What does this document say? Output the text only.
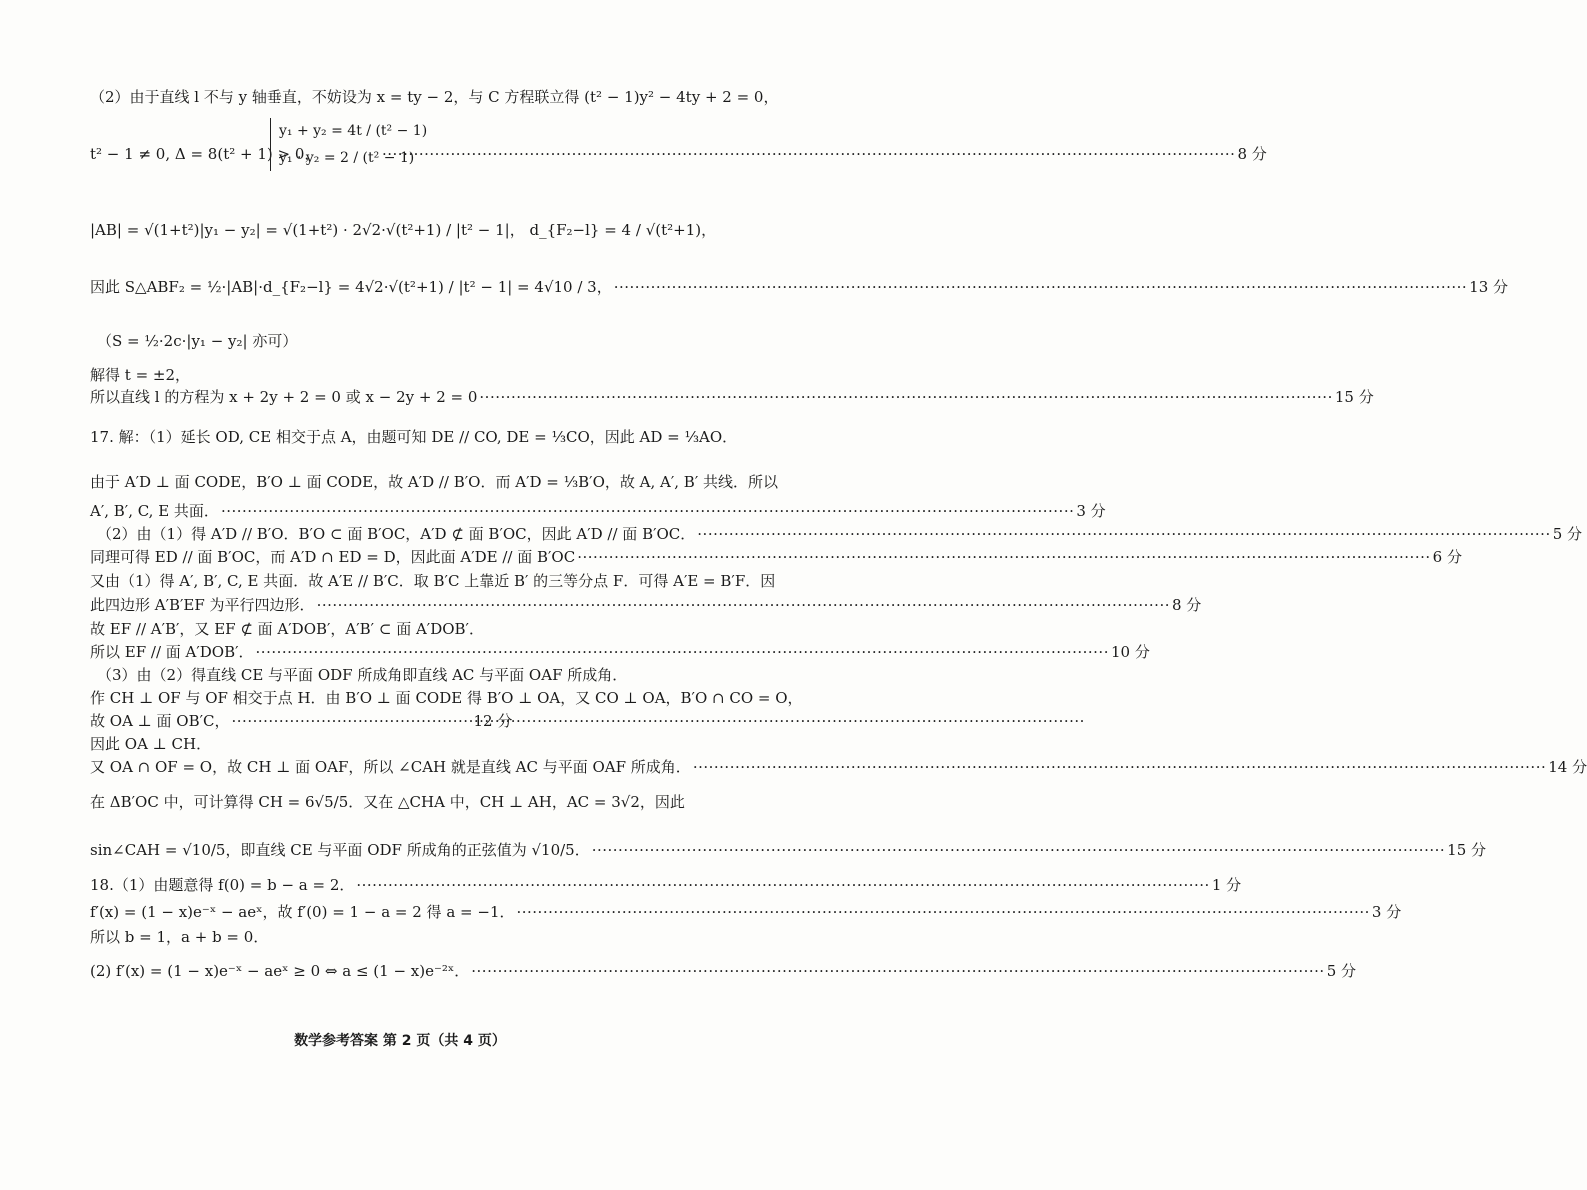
（2）由于直线 l 不与 y 轴垂直，不妨设为 x = ty − 2，与 C 方程联立得 (t² − 1)y² − 4ty + 2 = 0，
t² − 1 ≠ 0, Δ = 8(t² + 1) > 0，
y₁ + y₂ = 4t / (t² − 1)
y₁ · y₂ = 2 / (t² − 1) ·····	8 分
|AB| = √(1+t²)|y₁ − y₂| = √(1+t²) · 2√2·√(t²+1) / |t² − 1|， d_{F₂−l} = 4 / √(t²+1)，
因此 S△ABF₂ = ½·|AB|·d_{F₂−l} = 4√2·√(t²+1) / |t² − 1| = 4√10 / 3， ·····	13 分
（S = ½·2c·|y₁ − y₂| 亦可）
解得 t = ±2，
所以直线 l 的方程为 x + 2y + 2 = 0 或 x − 2y + 2 = 0 ·····	15 分
17. 解：（1）延长 OD, CE 相交于点 A，由题可知 DE // CO, DE = ⅓CO，因此 AD = ⅓AO．
由于 A′D ⊥ 面 CODE，B′O ⊥ 面 CODE，故 A′D // B′O．而 A′D = ⅓B′O，故 A, A′, B′ 共线．所以
A′, B′, C, E 共面． ·····	3 分
（2）由（1）得 A′D // B′O．B′O ⊂ 面 B′OC，A′D ⊄ 面 B′OC，因此 A′D // 面 B′OC． ·····	5 分
同理可得 ED // 面 B′OC，而 A′D ∩ ED = D，因此面 A′DE // 面 B′OC ·····	6 分
又由（1）得 A′, B′, C, E 共面．故 A′E // B′C．取 B′C 上靠近 B′ 的三等分点 F．可得 A′E = B′F．因
此四边形 A′B′EF 为平行四边形． ·····	8 分
故 EF // A′B′，又 EF ⊄ 面 A′DOB′，A′B′ ⊂ 面 A′DOB′．
所以 EF // 面 A′DOB′． ·····	10 分
（3）由（2）得直线 CE 与平面 ODF 所成角即直线 AC 与平面 OAF 所成角．
作 CH ⊥ OF 与 OF 相交于点 H．由 B′O ⊥ 面 CODE 得 B′O ⊥ OA，又 CO ⊥ OA，B′O ∩ CO = O，
故 OA ⊥ 面 OB′C， ·····	12 分
因此 OA ⊥ CH．
又 OA ∩ OF = O，故 CH ⊥ 面 OAF，所以 ∠CAH 就是直线 AC 与平面 OAF 所成角． ·····	14 分
在 ΔB′OC 中，可计算得 CH = 6√5/5．又在 △CHA 中，CH ⊥ AH，AC = 3√2，因此
sin∠CAH = √10/5，即直线 CE 与平面 ODF 所成角的正弦值为 √10/5． ·····	15 分
18.（1）由题意得 f(0) = b − a = 2． ·····	1 分
f′(x) = (1 − x)e⁻ˣ − aeˣ，故 f′(0) = 1 − a = 2 得 a = −1． ·····	3 分
所以 b = 1，a + b = 0．
(2) f′(x) = (1 − x)e⁻ˣ − aeˣ ≥ 0 ⇔ a ≤ (1 − x)e⁻²ˣ． ·····	5 分
数学参考答案 第 2 页（共 4 页）
